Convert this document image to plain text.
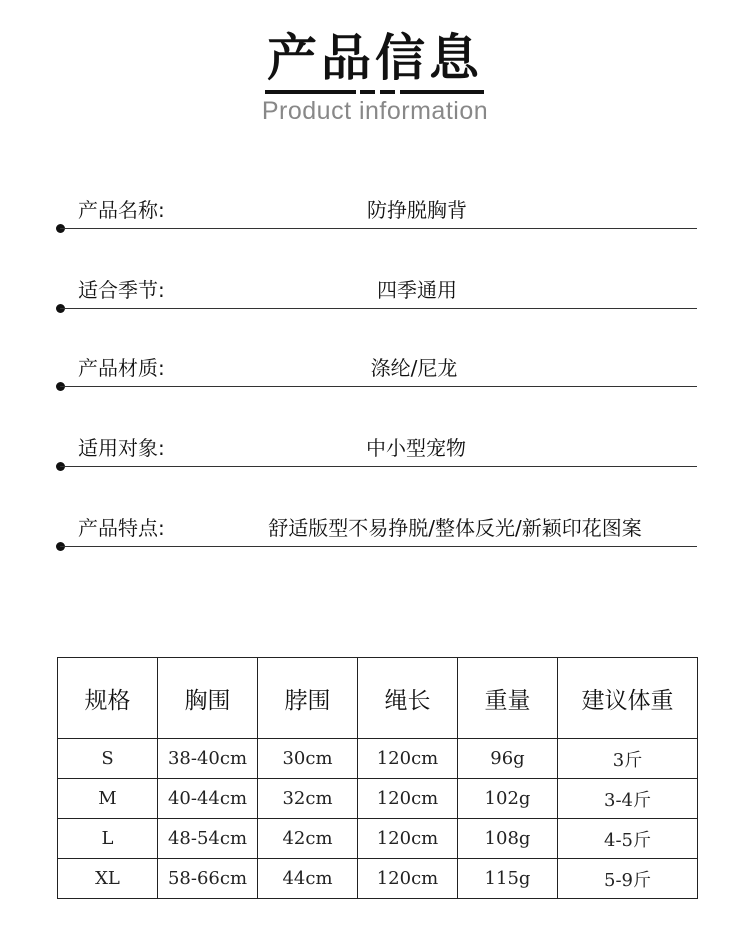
产品信息
Product information
产品名称:	防挣脱胸背
适合季节:	四季通用
产品材质:	涤纶/尼龙
适用对象:	中小型宠物
产品特点:	舒适版型不易挣脱/整体反光/新颖印花图案
规格	胸围	脖围	绳长	重量	建议体重
S	38-40cm	30cm	120cm	96g	3斤
M	40-44cm	32cm	120cm	102g	3-4斤
L	48-54cm	42cm	120cm	108g	4-5斤
XL	58-66cm	44cm	120cm	115g	5-9斤
